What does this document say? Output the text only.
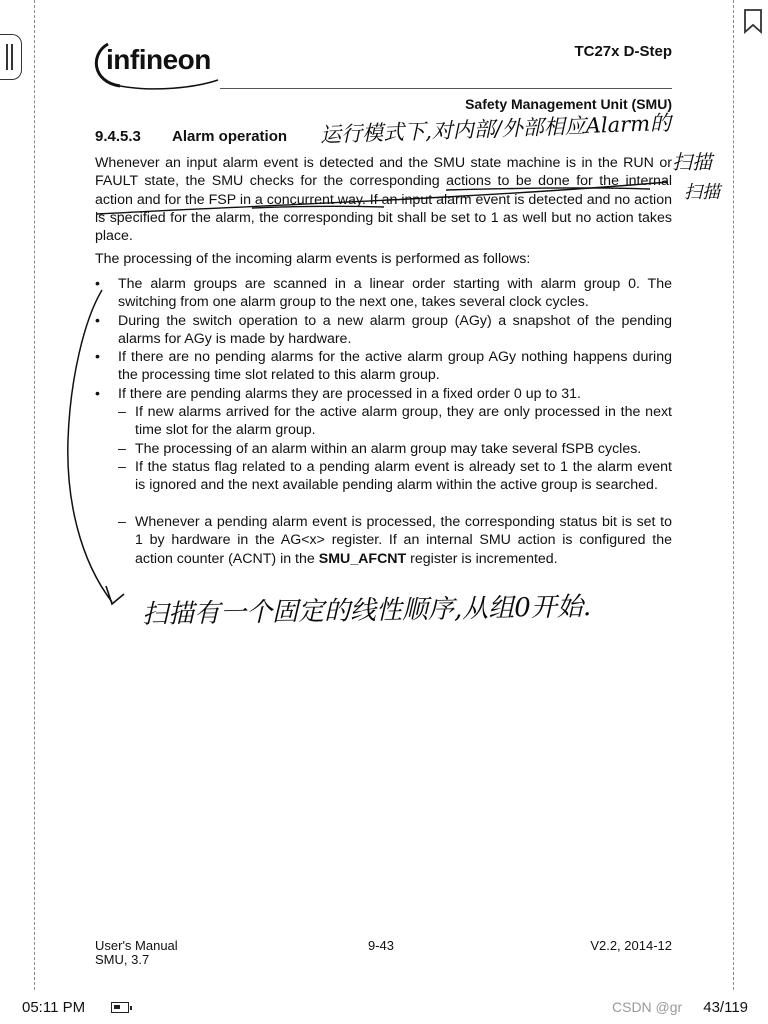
infineon	TC27x D-Step
Safety Management Unit (SMU)
9.4.5.3 Alarm operation 运行模式下,对内部/外部相应Alarm的
Whenever an input alarm event is detected and the SMU state machine is in the RUN or FAULT state, the SMU checks for the corresponding actions to be done for the internal action and for the FSP in a concurrent way. If an input alarm event is detected and no action is specified for the alarm, the corresponding bit shall be set to 1 as well but no action takes place.
The processing of the incoming alarm events is performed as follows:
扫描
扫描
•	The alarm groups are scanned in a linear order starting with alarm group 0. The switching from one alarm group to the next one, takes several clock cycles.
•	During the switch operation to a new alarm group (AGy) a snapshot of the pending alarms for AGy is made by hardware.
•	If there are no pending alarms for the active alarm group AGy nothing happens during the processing time slot related to this alarm group.
•	If there are pending alarms they are processed in a fixed order 0 up to 31.
– If new alarms arrived for the active alarm group, they are only processed in the next time slot for the alarm group.
– The processing of an alarm within an alarm group may take several fSPB cycles.
– If the status flag related to a pending alarm event is already set to 1 the alarm event is ignored and the next available pending alarm within the active group is searched.
– Whenever a pending alarm event is processed, the corresponding status bit is set to 1 by hardware in the AG<x> register. If an internal SMU action is configured the action counter (ACNT) in the SMU_AFCNT register is incremented.
扫描有一个固定的线性顺序,从组0开始.
User's Manual
SMU, 3.7
9-43	V2.2, 2014-12
05:11 PM	43/119
CSDN @gr
